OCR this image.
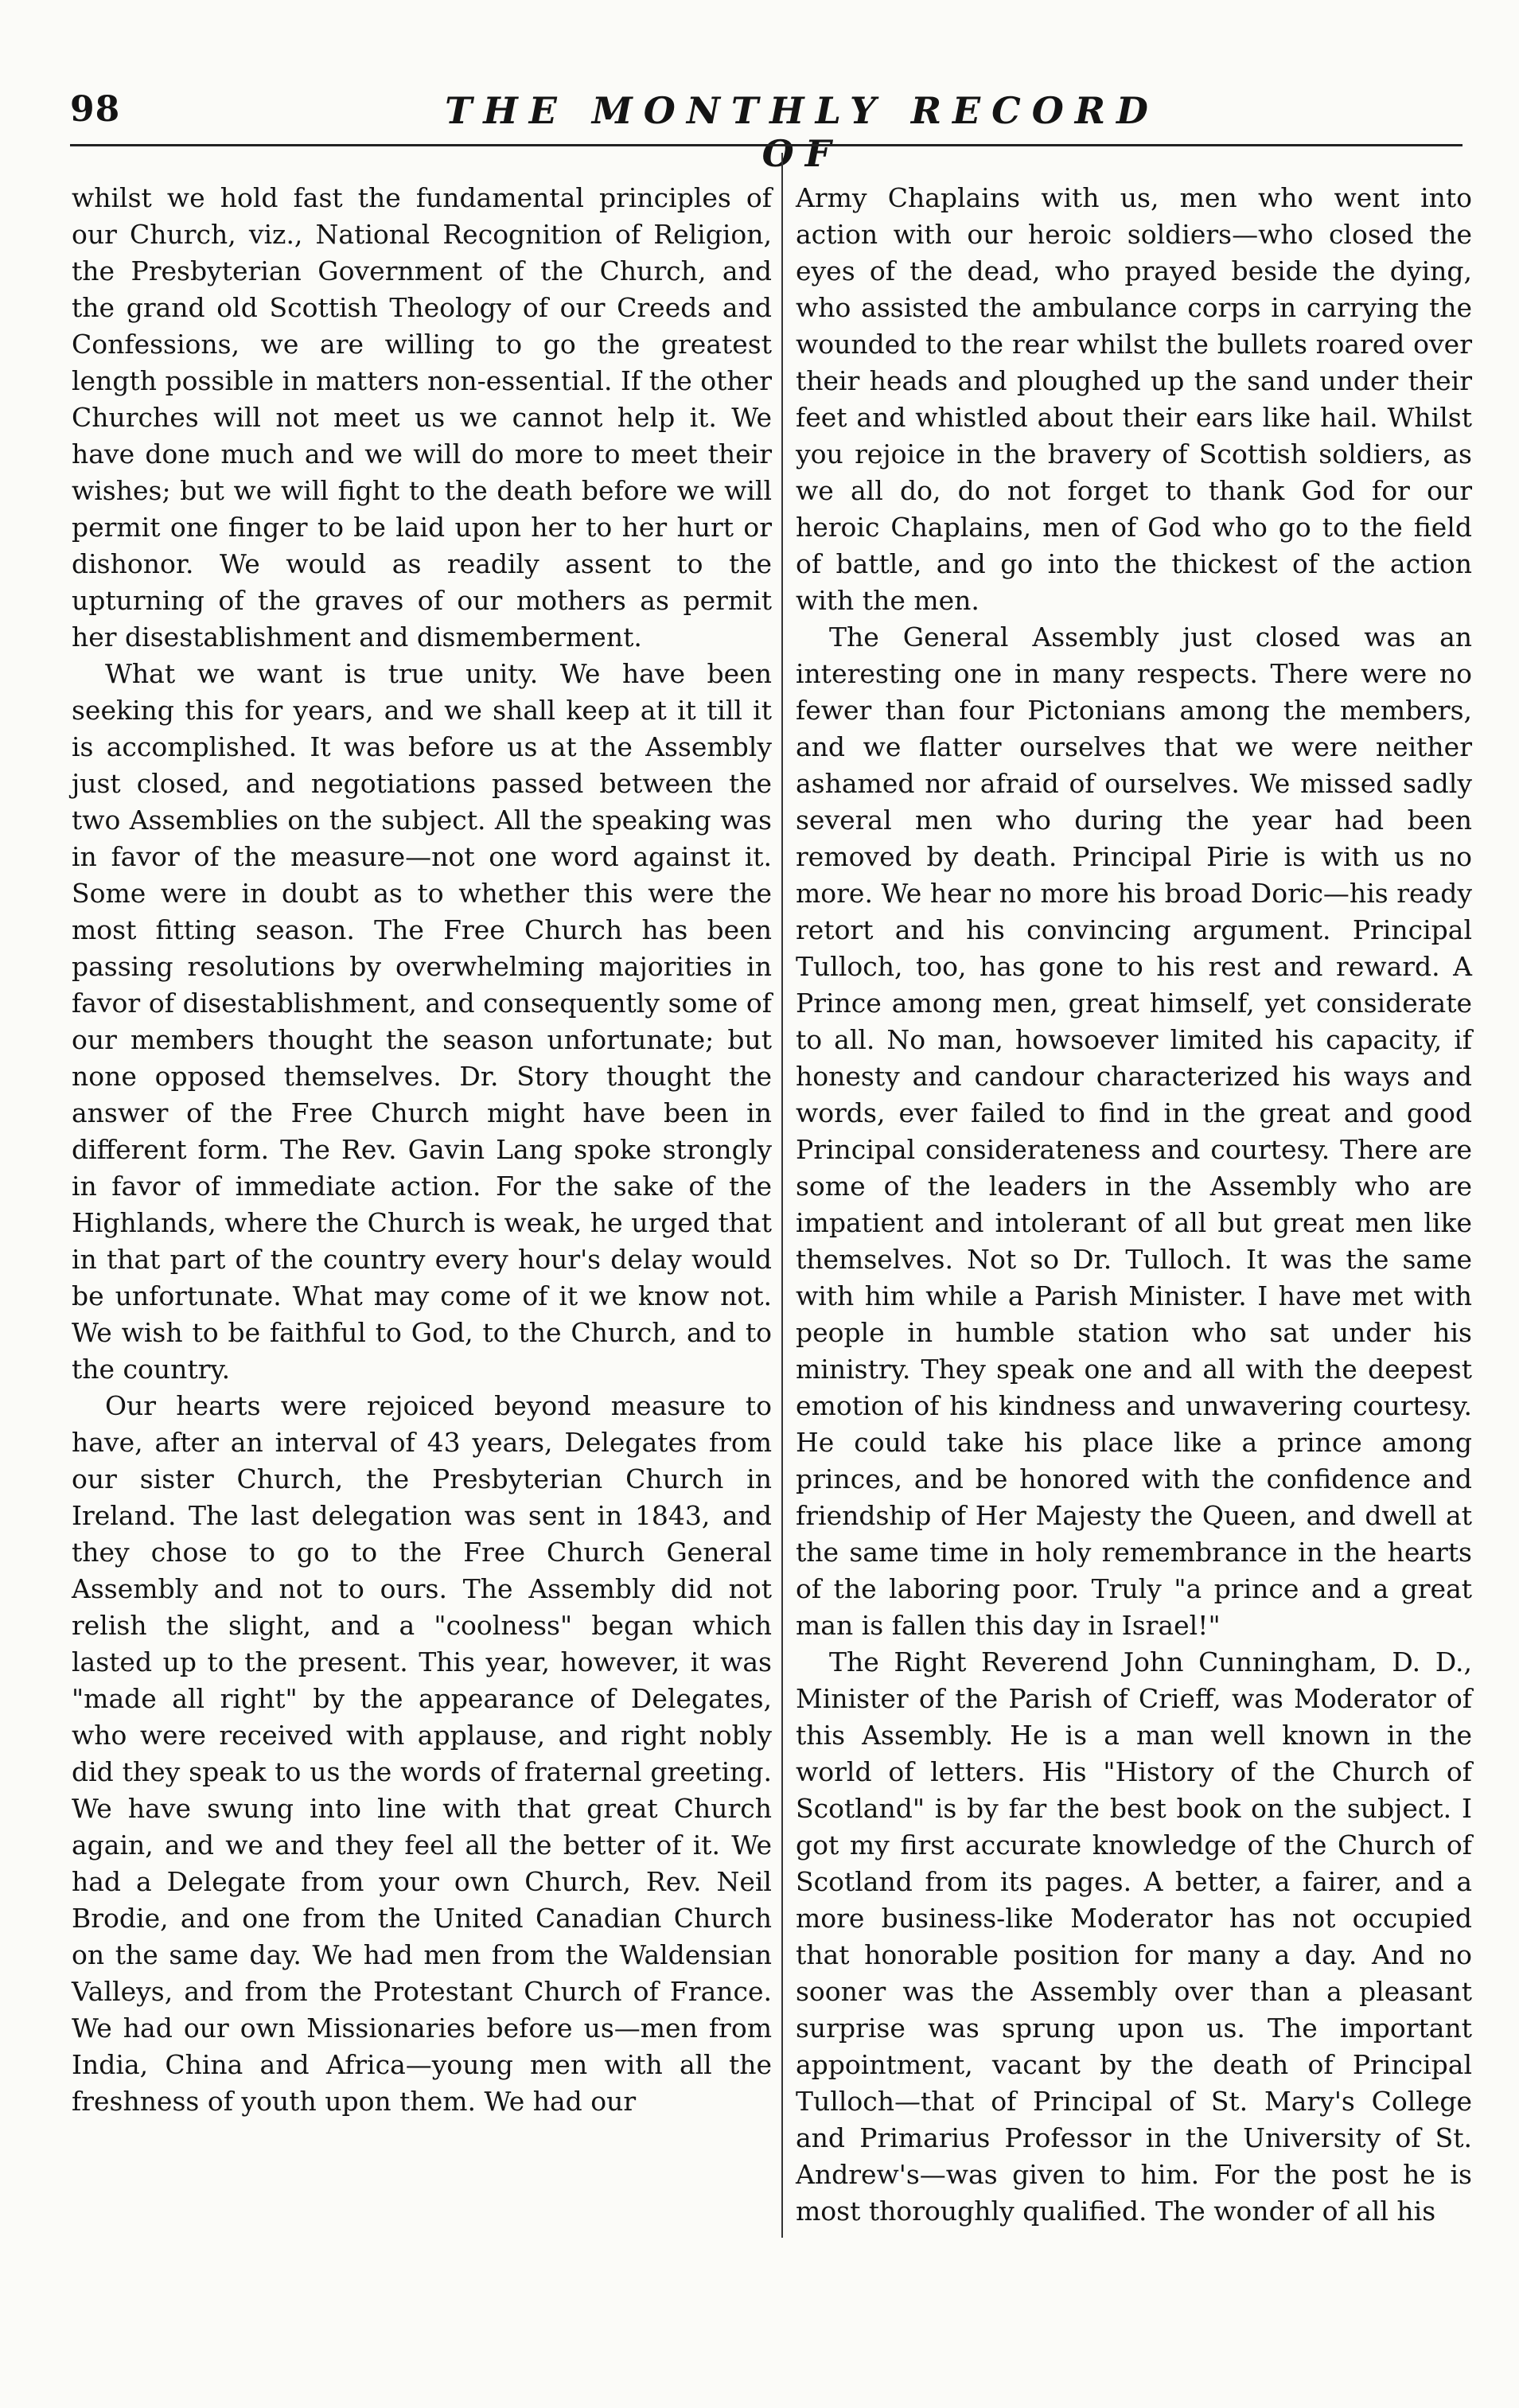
98	THE MONTHLY RECORD OF

whilst we hold fast the fundamental principles of our Church, viz., National Recognition of Religion, the Presbyterian Government of the Church, and the grand old Scottish Theology of our Creeds and Confessions, we are willing to go the greatest length possible in matters non-essential. If the other Churches will not meet us we cannot help it. We have done much and we will do more to meet their wishes; but we will fight to the death before we will permit one finger to be laid upon her to her hurt or dishonor. We would as readily assent to the upturning of the graves of our mothers as permit her disestablishment and dismemberment.

What we want is true unity. We have been seeking this for years, and we shall keep at it till it is accomplished. It was before us at the Assembly just closed, and negotiations passed between the two Assemblies on the subject. All the speaking was in favor of the measure—not one word against it. Some were in doubt as to whether this were the most fitting season. The Free Church has been passing resolutions by overwhelming majorities in favor of disestablishment, and consequently some of our members thought the season unfortunate; but none opposed themselves. Dr. Story thought the answer of the Free Church might have been in different form. The Rev. Gavin Lang spoke strongly in favor of immediate action. For the sake of the Highlands, where the Church is weak, he urged that in that part of the country every hour's delay would be unfortunate. What may come of it we know not. We wish to be faithful to God, to the Church, and to the country.

Our hearts were rejoiced beyond measure to have, after an interval of 43 years, Delegates from our sister Church, the Presbyterian Church in Ireland. The last delegation was sent in 1843, and they chose to go to the Free Church General Assembly and not to ours. The Assembly did not relish the slight, and a "coolness" began which lasted up to the present. This year, however, it was "made all right" by the appearance of Delegates, who were received with applause, and right nobly did they speak to us the words of fraternal greeting. We have swung into line with that great Church again, and we and they feel all the better of it. We had a Delegate from your own Church, Rev. Neil Brodie, and one from the United Canadian Church on the same day. We had men from the Waldensian Valleys, and from the Protestant Church of France. We had our own Missionaries before us—men from India, China and Africa—young men with all the freshness of youth upon them. We had our

Army Chaplains with us, men who went into action with our heroic soldiers—who closed the eyes of the dead, who prayed beside the dying, who assisted the ambulance corps in carrying the wounded to the rear whilst the bullets roared over their heads and ploughed up the sand under their feet and whistled about their ears like hail. Whilst you rejoice in the bravery of Scottish soldiers, as we all do, do not forget to thank God for our heroic Chaplains, men of God who go to the field of battle, and go into the thickest of the action with the men.

The General Assembly just closed was an interesting one in many respects. There were no fewer than four Pictonians among the members, and we flatter ourselves that we were neither ashamed nor afraid of ourselves. We missed sadly several men who during the year had been removed by death. Principal Pirie is with us no more. We hear no more his broad Doric—his ready retort and his convincing argument. Principal Tulloch, too, has gone to his rest and reward. A Prince among men, great himself, yet considerate to all. No man, howsoever limited his capacity, if honesty and candour characterized his ways and words, ever failed to find in the great and good Principal considerateness and courtesy. There are some of the leaders in the Assembly who are impatient and intolerant of all but great men like themselves. Not so Dr. Tulloch. It was the same with him while a Parish Minister. I have met with people in humble station who sat under his ministry. They speak one and all with the deepest emotion of his kindness and unwavering courtesy. He could take his place like a prince among princes, and be honored with the confidence and friendship of Her Majesty the Queen, and dwell at the same time in holy remembrance in the hearts of the laboring poor. Truly "a prince and a great man is fallen this day in Israel!"

The Right Reverend John Cunningham, D. D., Minister of the Parish of Crieff, was Moderator of this Assembly. He is a man well known in the world of letters. His "History of the Church of Scotland" is by far the best book on the subject. I got my first accurate knowledge of the Church of Scotland from its pages. A better, a fairer, and a more business-like Moderator has not occupied that honorable position for many a day. And no sooner was the Assembly over than a pleasant surprise was sprung upon us. The important appointment, vacant by the death of Principal Tulloch—that of Principal of St. Mary's College and Primarius Professor in the University of St. Andrew's—was given to him. For the post he is most thoroughly qualified. The wonder of all his
